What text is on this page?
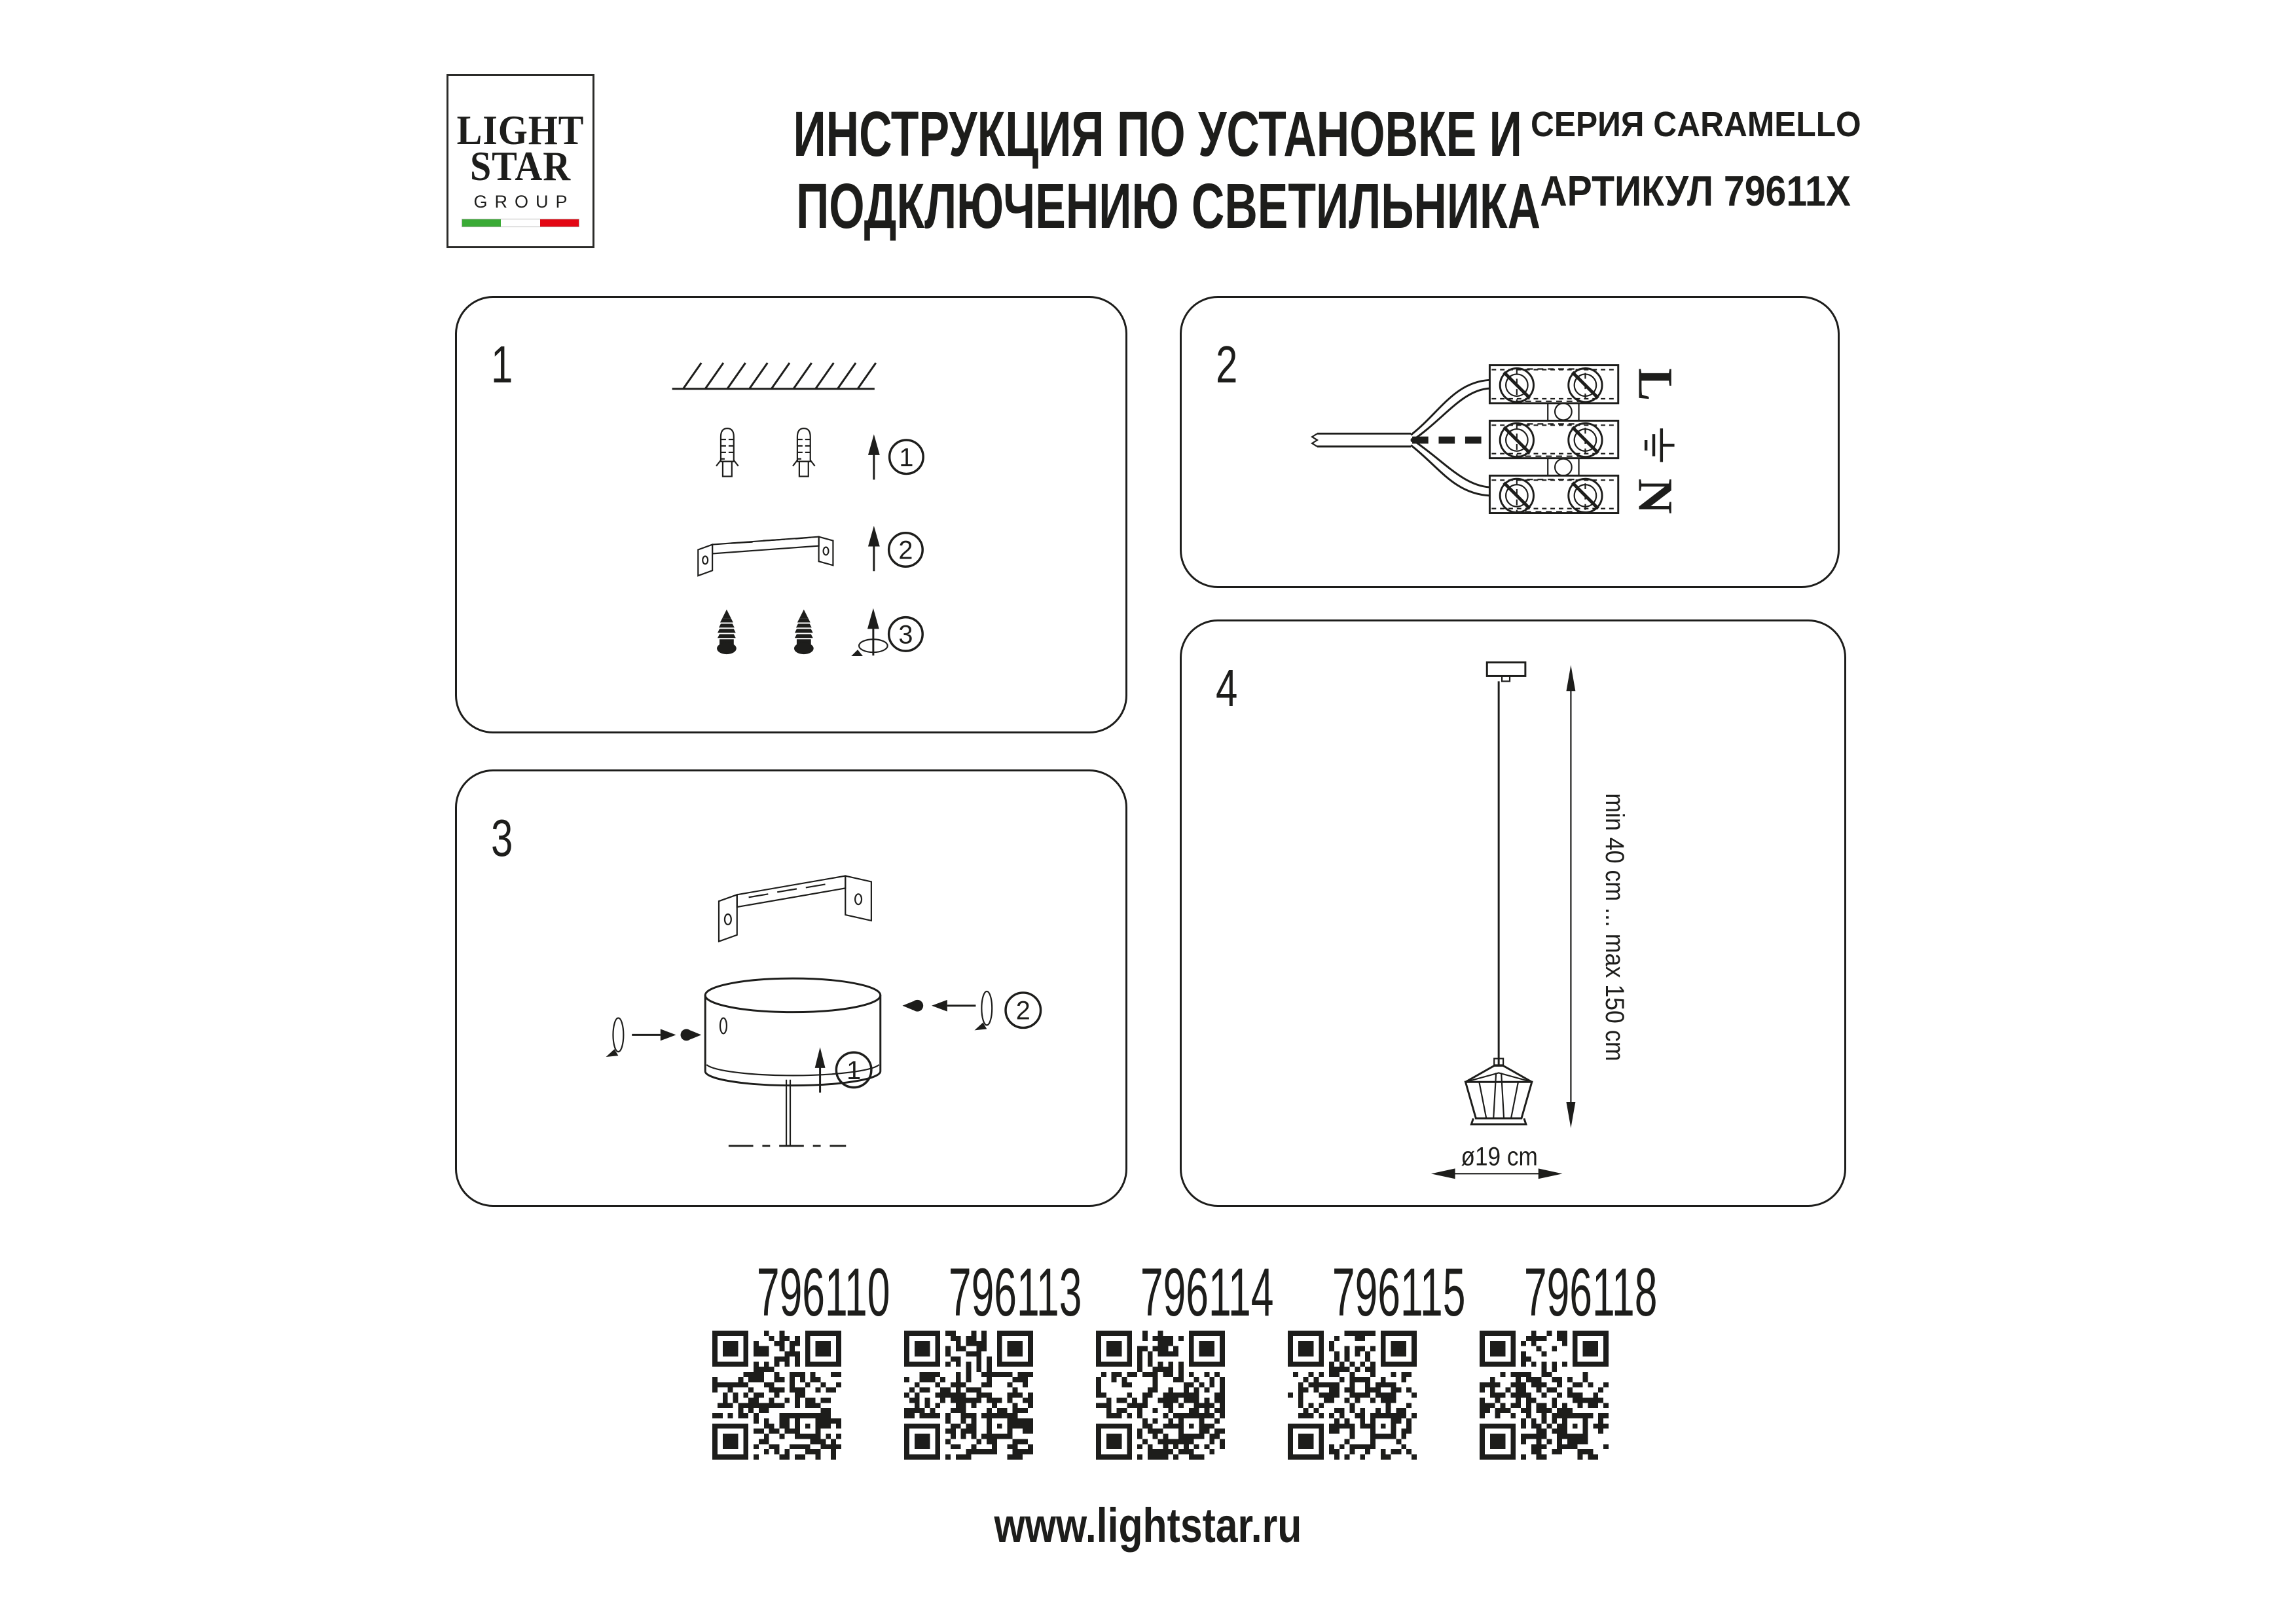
LIGHT
STAR
GROUP
ИНСТРУКЦИЯ ПО УСТАНОВКЕ И
ПОДКЛЮЧЕНИЮ СВЕТИЛЬНИКА
СЕРИЯ CARAMELLO
АРТИКУЛ 79611X
1
1
2
3
2	L
N
3
2
1
4
min 40 cm ... max 150 cm
ø19 cm
796110 796113 796114 796115 796118
www.lightstar.ru
